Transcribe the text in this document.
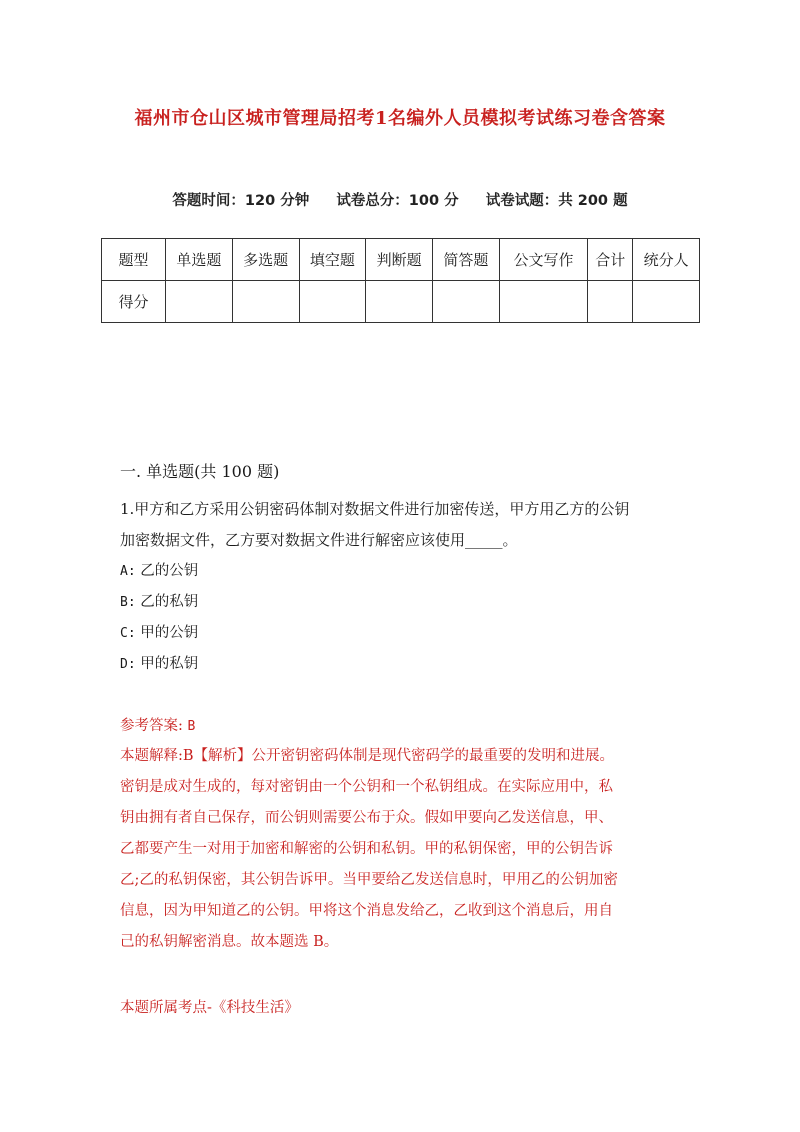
福州市仓山区城市管理局招考1名编外人员模拟考试练习卷含答案
答题时间：120 分钟 试卷总分：100 分 试卷试题：共 200 题
题型	单选题	多选题	填空题	判断题	简答题	公文写作	合计	统分人
得分								
一. 单选题(共 100 题)
1.甲方和乙方采用公钥密码体制对数据文件进行加密传送，甲方用乙方的公钥
加密数据文件，乙方要对数据文件进行解密应该使用_____。
A: 乙的公钥
B: 乙的私钥
C: 甲的公钥
D: 甲的私钥
参考答案: B
本题解释:B【解析】公开密钥密码体制是现代密码学的最重要的发明和进展。
密钥是成对生成的，每对密钥由一个公钥和一个私钥组成。在实际应用中，私
钥由拥有者自己保存，而公钥则需要公布于众。假如甲要向乙发送信息，甲、
乙都要产生一对用于加密和解密的公钥和私钥。甲的私钥保密，甲的公钥告诉
乙;乙的私钥保密，其公钥告诉甲。当甲要给乙发送信息时，甲用乙的公钥加密
信息，因为甲知道乙的公钥。甲将这个消息发给乙，乙收到这个消息后，用自
己的私钥解密消息。故本题选 B。
本题所属考点-《科技生活》
